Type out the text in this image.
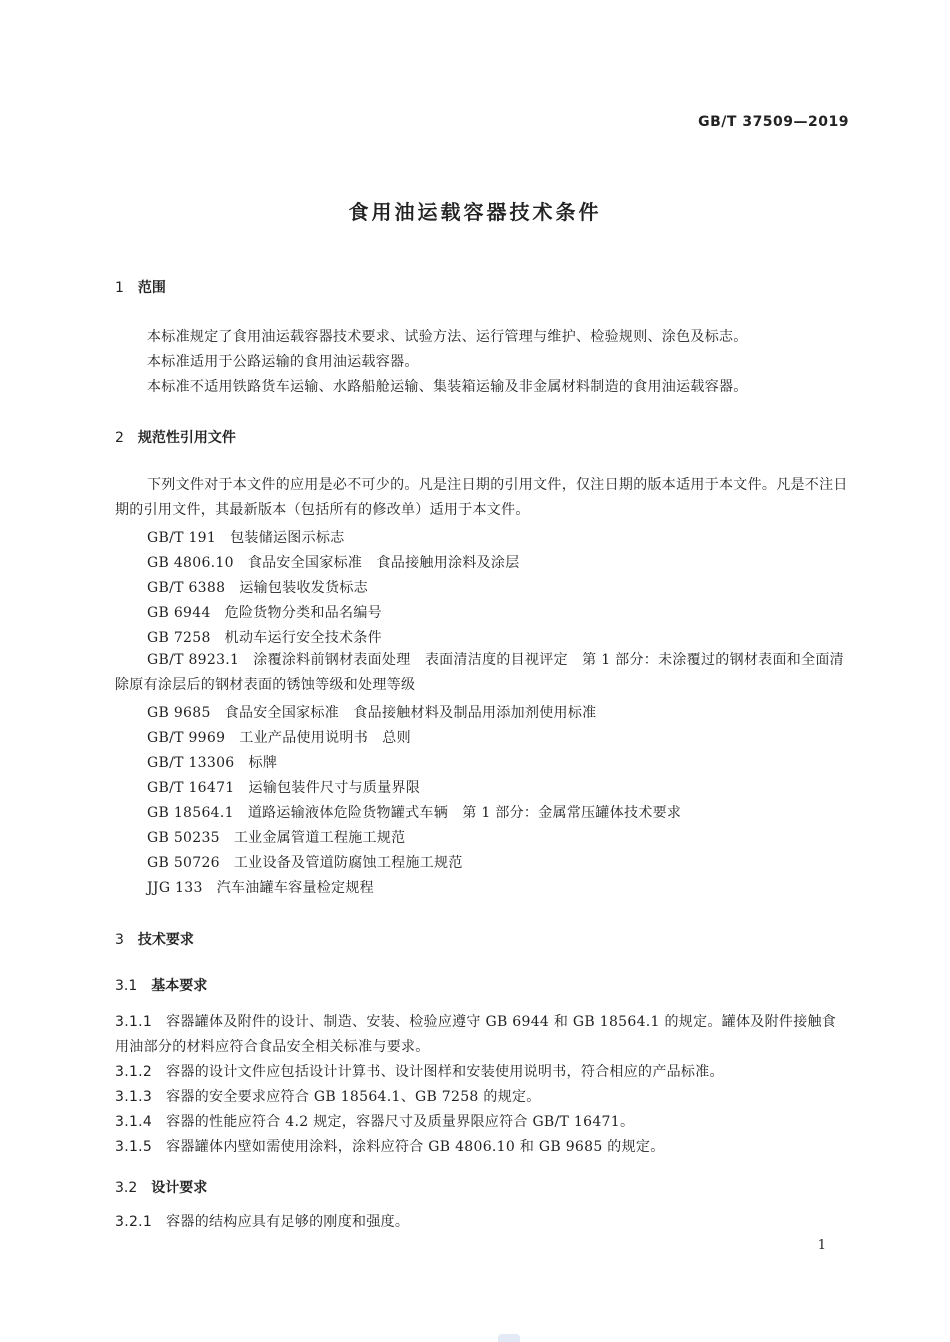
GB/T 37509—2019
食用油运载容器技术条件
1 范围
本标准规定了食用油运载容器技术要求、试验方法、运行管理与维护、检验规则、涂色及标志。
本标准适用于公路运输的食用油运载容器。
本标准不适用铁路货车运输、水路船舱运输、集装箱运输及非金属材料制造的食用油运载容器。
2 规范性引用文件
下列文件对于本文件的应用是必不可少的。凡是注日期的引用文件，仅注日期的版本适用于本文件。凡是不注日期的引用文件，其最新版本（包括所有的修改单）适用于本文件。
GB/T 191 包装储运图示标志
GB 4806.10 食品安全国家标准　食品接触用涂料及涂层
GB/T 6388 运输包装收发货标志
GB 6944 危险货物分类和品名编号
GB 7258 机动车运行安全技术条件
GB/T 8923.1 涂覆涂料前钢材表面处理　表面清洁度的目视评定　第 1 部分：未涂覆过的钢材表面和全面清除原有涂层后的钢材表面的锈蚀等级和处理等级
GB 9685 食品安全国家标准　食品接触材料及制品用添加剂使用标准
GB/T 9969 工业产品使用说明书　总则
GB/T 13306 标牌
GB/T 16471 运输包装件尺寸与质量界限
GB 18564.1 道路运输液体危险货物罐式车辆　第 1 部分：金属常压罐体技术要求
GB 50235 工业金属管道工程施工规范
GB 50726 工业设备及管道防腐蚀工程施工规范
JJG 133 汽车油罐车容量检定规程
3 技术要求
3.1 基本要求
3.1.1 容器罐体及附件的设计、制造、安装、检验应遵守 GB 6944 和 GB 18564.1 的规定。罐体及附件接触食用油部分的材料应符合食品安全相关标准与要求。
3.1.2 容器的设计文件应包括设计计算书、设计图样和安装使用说明书，符合相应的产品标准。
3.1.3 容器的安全要求应符合 GB 18564.1、GB 7258 的规定。
3.1.4 容器的性能应符合 4.2 规定，容器尺寸及质量界限应符合 GB/T 16471。
3.1.5 容器罐体内壁如需使用涂料，涂料应符合 GB 4806.10 和 GB 9685 的规定。
3.2 设计要求
3.2.1 容器的结构应具有足够的刚度和强度。
1
